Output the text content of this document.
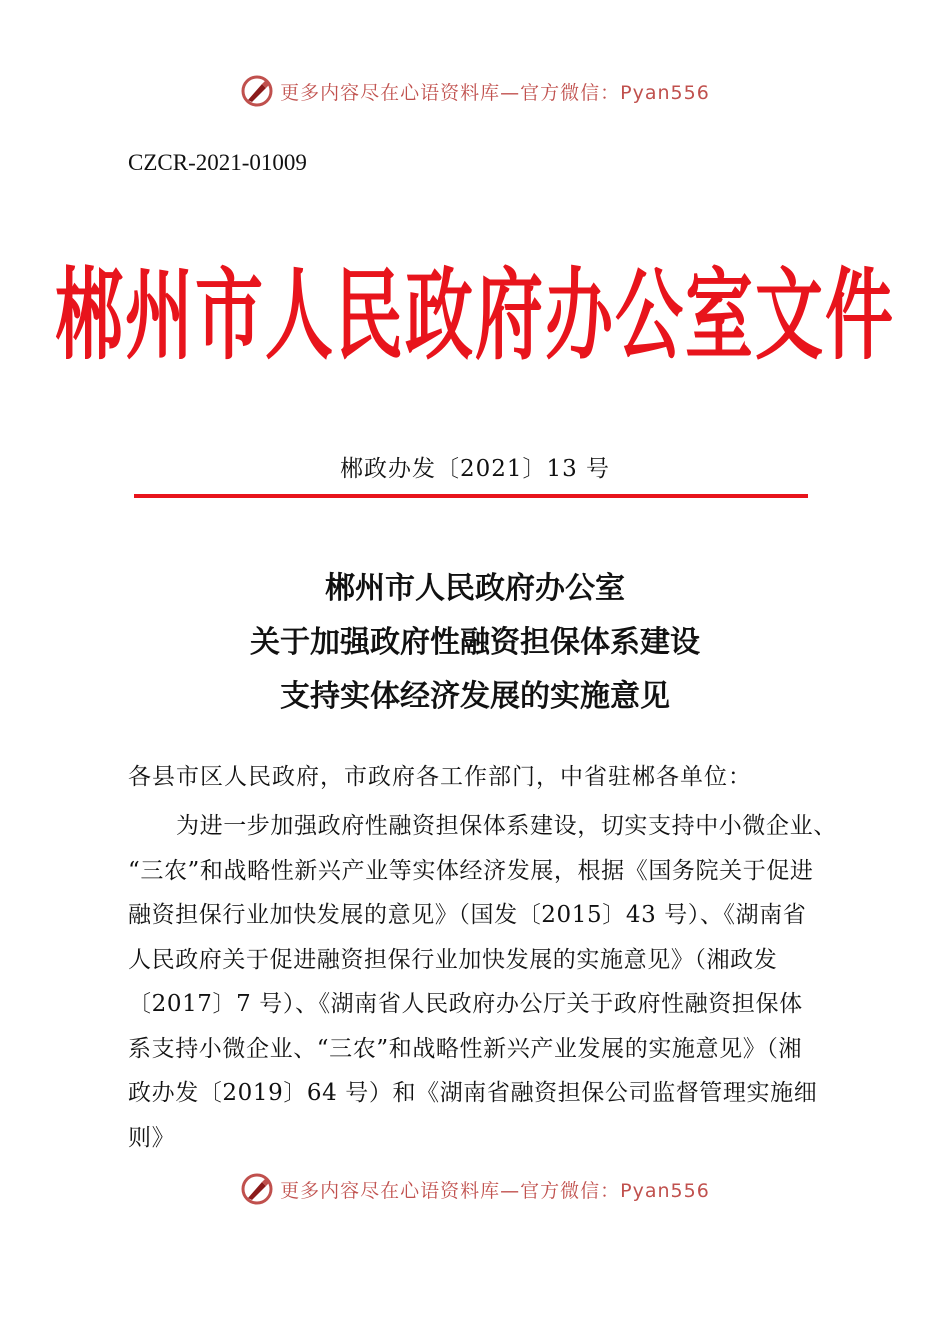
更多内容尽在心语资料库—官方微信：Pyan556
CZCR-2021-01009
郴州市人民政府办公室文件
郴政办发〔2021〕13 号
郴州市人民政府办公室
关于加强政府性融资担保体系建设
支持实体经济发展的实施意见
各县市区人民政府，市政府各工作部门，中省驻郴各单位：
为进一步加强政府性融资担保体系建设，切实支持中小微企业、
“三农”和战略性新兴产业等实体经济发展，根据《国务院关于促进
融资担保行业加快发展的意见》（国发〔2015〕43 号）、《湖南省
人民政府关于促进融资担保行业加快发展的实施意见》（湘政发
〔2017〕7 号）、《湖南省人民政府办公厅关于政府性融资担保体
系支持小微企业、“三农”和战略性新兴产业发展的实施意见》（湘
政办发〔2019〕64 号）和《湖南省融资担保公司监督管理实施细
则》
更多内容尽在心语资料库—官方微信：Pyan556
